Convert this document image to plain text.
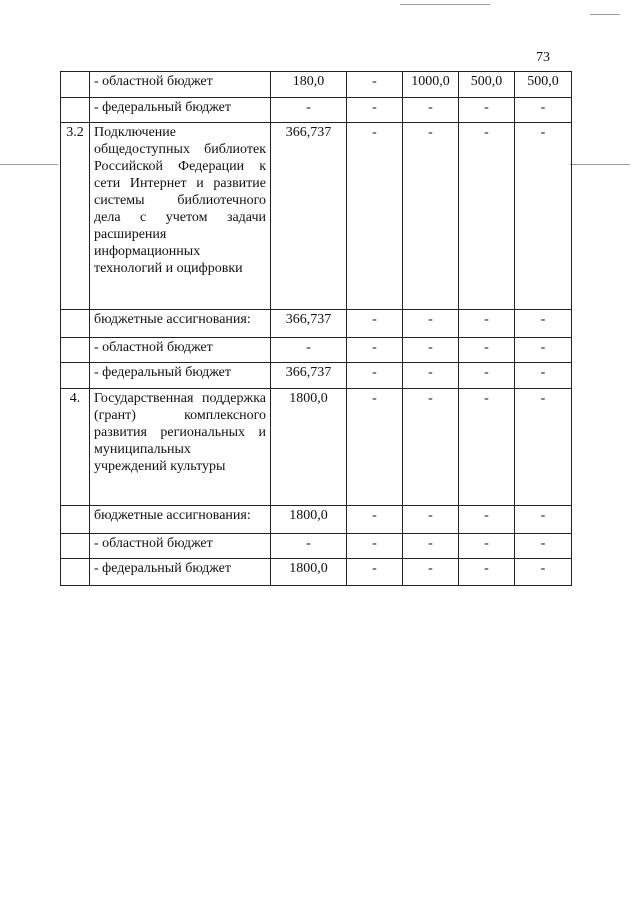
73
	- областной бюджет	180,0	-	1000,0	500,0	500,0
	- федеральный бюджет	-	-	-	-	-
3.2	Подключение общедоступных библиотек Российской Федерации к сети Интернет и развитие системы библиотечного дела с учетом задачи расширения информационных технологий и оцифровки	366,737	-	-	-	-
	бюджетные ассигнования:	366,737	-	-	-	-
	- областной бюджет	-	-	-	-	-
	- федеральный бюджет	366,737	-	-	-	-
4.	Государственная поддержка (грант) комплексного развития региональных и муниципальных учреждений культуры	1800,0	-	-	-	-
	бюджетные ассигнования:	1800,0	-	-	-	-
	- областной бюджет	-	-	-	-	-
	- федеральный бюджет	1800,0	-	-	-	-
